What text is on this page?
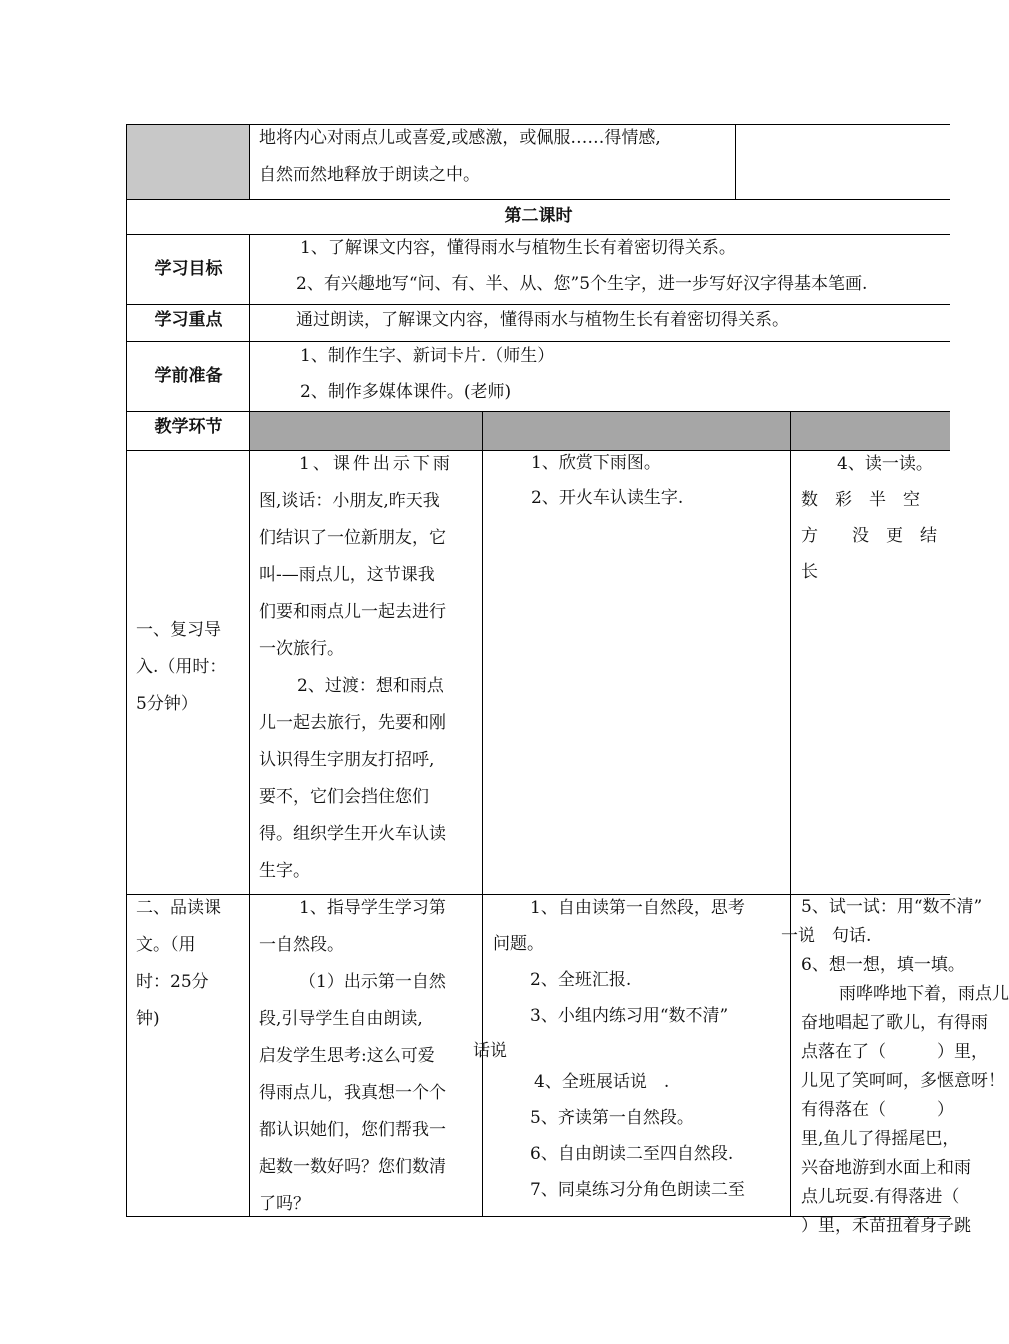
地将内心对雨点儿或喜爱,或感激，或佩服……得情感,

自然而然地释放于朗读之中。

第二课时
学习目标

1、了解课文内容，懂得雨水与植物生长有着密切得关系。

2、有兴趣地写“问、有、半、从、您”5个生字，进一步写好汉字得基本笔画.

学习重点	通过朗读，了解课文内容，懂得雨水与植物生长有着密切得关系。

学前准备

1、制作生字、新词卡片.（师生）

2、制作多媒体课件。(老师)

教学环节

一、复习导

入.（用时：

5分钟）

1、课件出示下雨

图,谈话：小朋友,昨天我

们结识了一位新朋友，它

叫-—雨点儿，这节课我

们要和雨点儿一起去进行

一次旅行。

2、过渡：想和雨点

儿一起去旅行，先要和刚

认识得生字朋友打招呼,

要不，它们会挡住您们

得。组织学生开火车认读

生字。

1、欣赏下雨图。

2、开火车认读生字.

4、读一读。

数　彩　半　空

方　　没　更　结

长

二、品读课

文。（用

时：25分

钟)

1、指导学生学习第

一自然段。

（1）出示第一自然

段,引导学生自由朗读,

启发学生思考:这么可爱

得雨点儿，我真想一个个

都认识她们，您们帮我一

起数一数好吗？您们数清

了吗？

话说

1、自由读第一自然段，思考

问题。

2、全班汇报.

3、小组内练习用“数不清”

4、全班展话说　.

5、齐读第一自然段。

6、自由朗读二至四自然段.

7、同桌练习分角色朗读二至

5、试一试：用“数不清”

一说　句话.

6、想一想，填一填。

雨哗哗地下着，雨点儿

奋地唱起了歌儿，有得雨

点落在了（　　　）里，

儿见了笑呵呵，多惬意呀！

有得落在（　　　）

里,鱼儿了得摇尾巴，

兴奋地游到水面上和雨

点儿玩耍.有得落进（

）里，禾苗扭着身子跳
